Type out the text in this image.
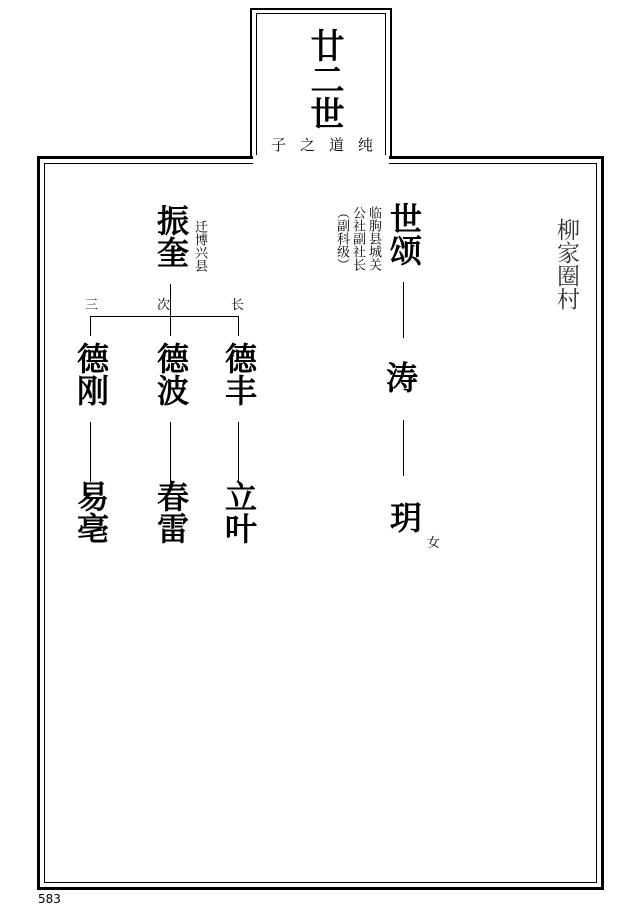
廿二世
子之道纯
柳家圈村
世颂
临朐县城关
公社副社长
（副科级）
涛
玥
女
振奎 迁博兴县
三	次	长
德丰
德波
德刚
立叶
春雷
易亳
583
